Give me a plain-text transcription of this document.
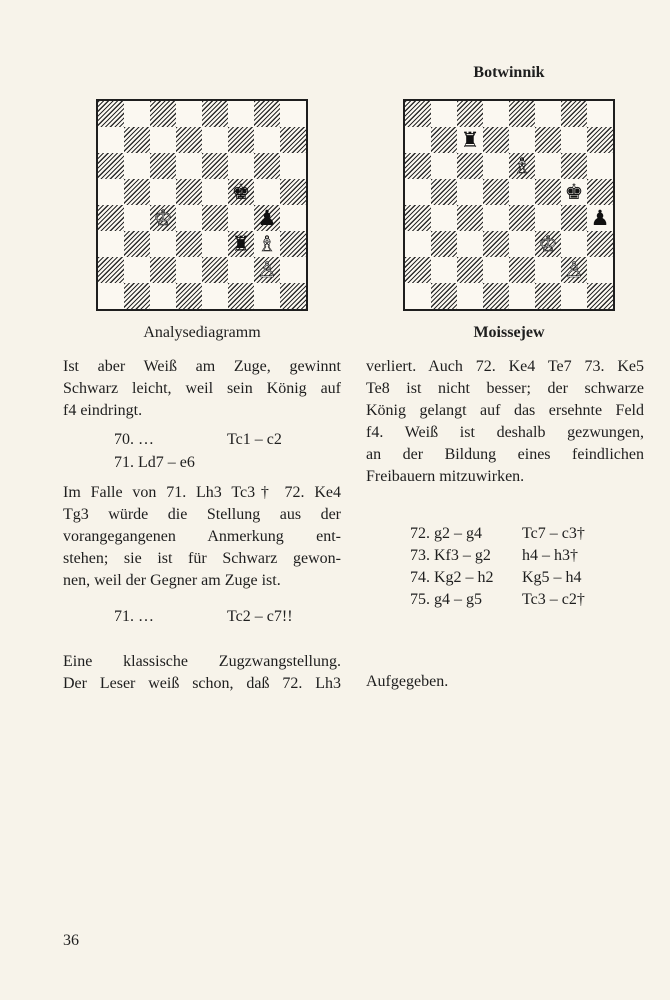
♚
♔	♟
♜ ♗
♙
Analysediagramm
Botwinnik
♜
♗
♚
♟
♔
♙
Moissejew
Ist aber Weiß am Zuge, gewinnt
Schwarz leicht, weil sein König auf
f4 eindringt.
70. …	Tc1 – c2
71. Ld7 – e6
Im Falle von 71. Lh3 Tc3† 72. Ke4
Tg3 würde die Stellung aus der
vorangegangenen Anmerkung ent-
stehen; sie ist für Schwarz gewon-
nen, weil der Gegner am Zuge ist.
71. …	Tc2 – c7!!
Eine klassische Zugzwangstellung.
Der Leser weiß schon, daß 72. Lh3
verliert. Auch 72. Ke4 Te7 73. Ke5
Te8 ist nicht besser; der schwarze
König gelangt auf das ersehnte Feld
f4. Weiß ist deshalb gezwungen,
an der Bildung eines feindlichen
Freibauern mitzuwirken.
72. g2 – g4	Tc7 – c3†
73. Kf3 – g2 h4 – h3†
74. Kg2 – h2 Kg5 – h4
75. g4 – g5	Tc3 – c2†
Aufgegeben.
36
